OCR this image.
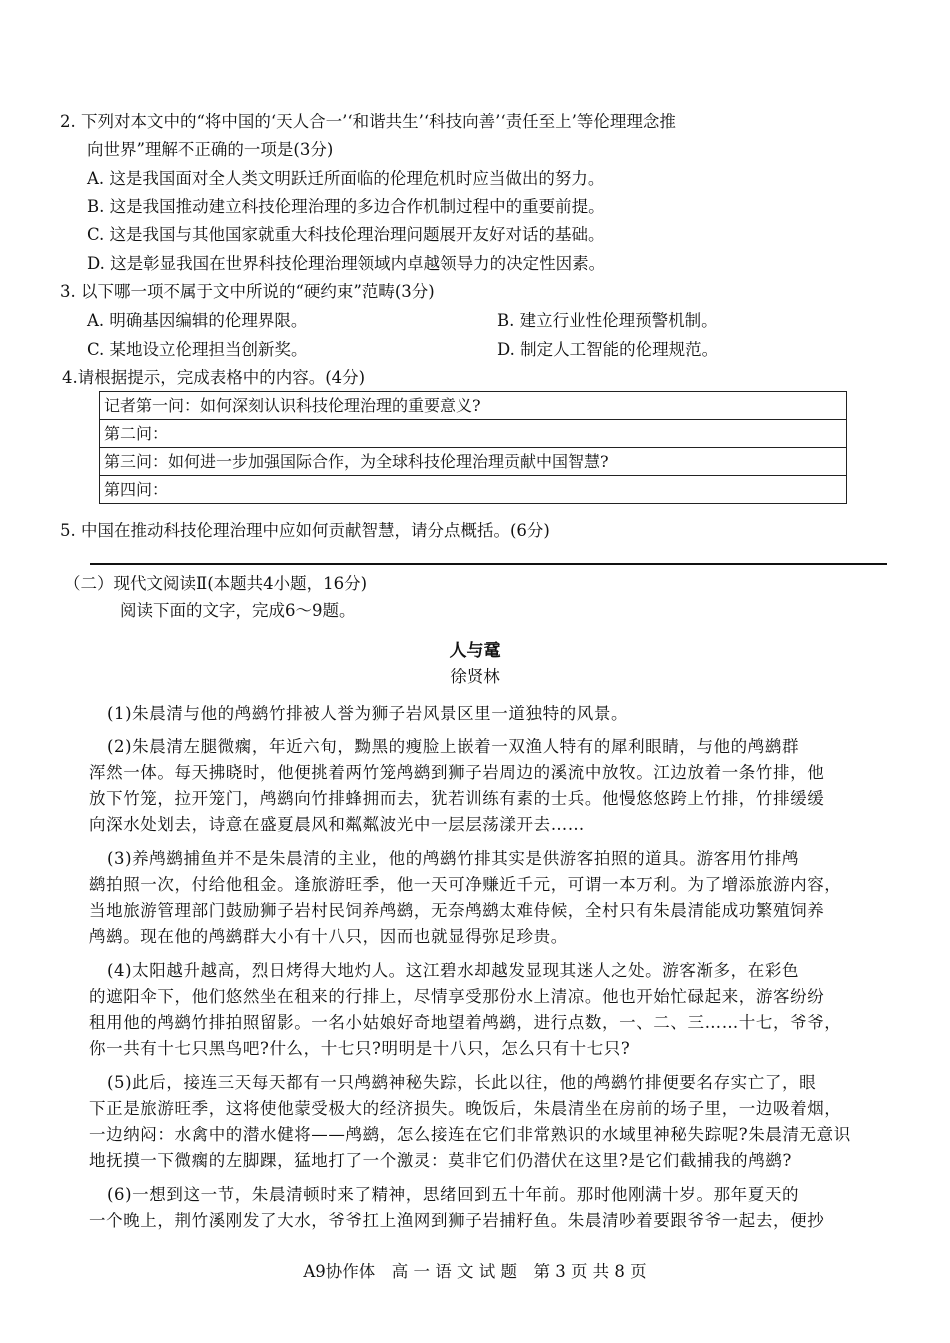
2. 下列对本文中的“将中国的‘天人合一’‘和谐共生’‘科技向善’‘责任至上’等伦理理念推
向世界”理解不正确的一项是(3分)
A. 这是我国面对全人类文明跃迁所面临的伦理危机时应当做出的努力。
B. 这是我国推动建立科技伦理治理的多边合作机制过程中的重要前提。
C. 这是我国与其他国家就重大科技伦理治理问题展开友好对话的基础。
D. 这是彰显我国在世界科技伦理治理领域内卓越领导力的决定性因素。
3. 以下哪一项不属于文中所说的“硬约束”范畴(3分)
A. 明确基因编辑的伦理界限。	B. 建立行业性伦理预警机制。
C. 某地设立伦理担当创新奖。	D. 制定人工智能的伦理规范。
4.请根据提示，完成表格中的内容。(4分)
记者第一问：如何深刻认识科技伦理治理的重要意义?
第二问：
第三问：如何进一步加强国际合作，为全球科技伦理治理贡献中国智慧?
第四问：
5. 中国在推动科技伦理治理中应如何贡献智慧，请分点概括。(6分)
（二）现代文阅读Ⅱ(本题共4小题，16分)
阅读下面的文字，完成6～9题。
人与鼋
徐贤林
(1)朱晨清与他的鸬鹚竹排被人誉为狮子岩风景区里一道独特的风景。
(2)朱晨清左腿微瘸，年近六旬，黝黑的瘦脸上嵌着一双渔人特有的犀利眼睛，与他的鸬鹚群
浑然一体。每天拂晓时，他便挑着两竹笼鸬鹚到狮子岩周边的溪流中放牧。江边放着一条竹排，他
放下竹笼，拉开笼门，鸬鹚向竹排蜂拥而去，犹若训练有素的士兵。他慢悠悠跨上竹排，竹排缓缓
向深水处划去，诗意在盛夏晨风和粼粼波光中一层层荡漾开去……
(3)养鸬鹚捕鱼并不是朱晨清的主业，他的鸬鹚竹排其实是供游客拍照的道具。游客用竹排鸬
鹚拍照一次，付给他租金。逢旅游旺季，他一天可净赚近千元，可谓一本万利。为了增添旅游内容，
当地旅游管理部门鼓励狮子岩村民饲养鸬鹚，无奈鸬鹚太难侍候，全村只有朱晨清能成功繁殖饲养
鸬鹚。现在他的鸬鹚群大小有十八只，因而也就显得弥足珍贵。
(4)太阳越升越高，烈日烤得大地灼人。这江碧水却越发显现其迷人之处。游客渐多，在彩色
的遮阳伞下，他们悠然坐在租来的行排上，尽情享受那份水上清凉。他也开始忙碌起来，游客纷纷
租用他的鸬鹚竹排拍照留影。一名小姑娘好奇地望着鸬鹚，进行点数，一、二、三……十七，爷爷，
你一共有十七只黑鸟吧?什么，十七只?明明是十八只，怎么只有十七只?
(5)此后，接连三天每天都有一只鸬鹚神秘失踪，长此以往，他的鸬鹚竹排便要名存实亡了，眼
下正是旅游旺季，这将使他蒙受极大的经济损失。晚饭后，朱晨清坐在房前的场子里，一边吸着烟，
一边纳闷：水禽中的潜水健将——鸬鹚，怎么接连在它们非常熟识的水域里神秘失踪呢?朱晨清无意识
地抚摸一下微瘸的左脚踝，猛地打了一个激灵：莫非它们仍潜伏在这里?是它们截捕我的鸬鹚?
(6)一想到这一节，朱晨清顿时来了精神，思绪回到五十年前。那时他刚满十岁。那年夏天的
一个晚上，荆竹溪刚发了大水，爷爷扛上渔网到狮子岩捕籽鱼。朱晨清吵着要跟爷爷一起去，便抄
A9协作体　高 一 语 文 试 题　第 3 页 共 8 页
